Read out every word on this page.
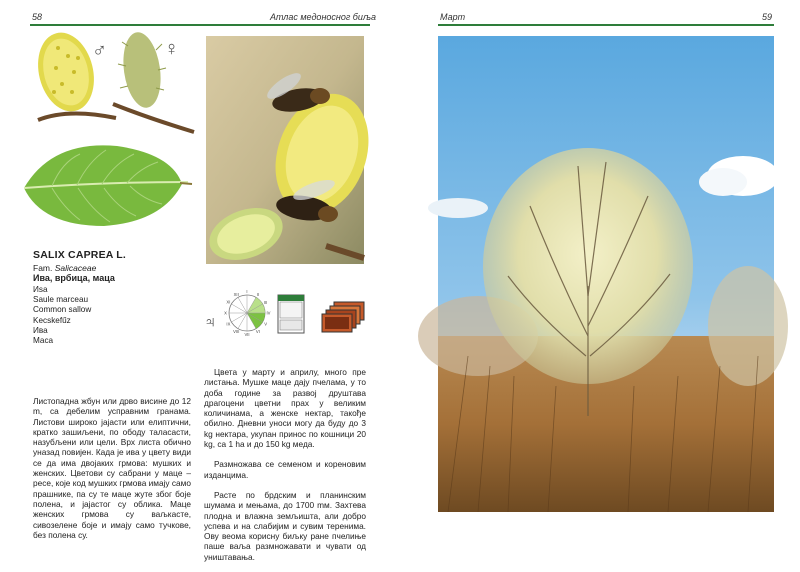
58	Атлас медоносног биља
♂	♀
SALIX CAPREA L.
Fam. Salicaceae
Ива, врбица, маца
Иѕа
Saule marceau
Common sallow
Kecskefűz
Ива
Маса
♃
I
II
III
IV
V
VI
VII
VIII
IX
X
XI
XII
Листопадна жбун или дрво висине до 12 m, са дебелим усправним гранама. Листови широко јајасти или елиптични, кратко зашиљени, по ободу таласасти, назубљени или цели. Врх листа обично уназад повијен. Када је ива у цвету види се да има двојаких грмова: мушких и женских. Цветови су сабрани у маце – ресе, које код мушких грмова имају само прашнике, па су те маце жуте збoг боје полена, и јајастог су облика. Маце женских грмова су ваљкасте, сивозелене боје и имају само тучкове, без полена су.

Цвета у марту и априлу, много пре листања. Мушке маце дају пчелама, у то доба године за развој друштава драгоцени цветни прах у великим количинама, а женске нектар, такође обилно. Дневни уноси могу да буду до 3 kg нектара, укупан принос по кошници 20 kg, са 1 ha и до 150 kg меда.

Размножава се семеном и кореновим изданцима.

Расте по брдским и планинским шумама и мењама, до 1700 mм. Захтева плодна и влажна земљишта, али добро успева и на слабијим и сувим теренима. Ову веома корисну биљку ране пчелиње паше ваља размножавати и чувати од уништавања.

Март	59
